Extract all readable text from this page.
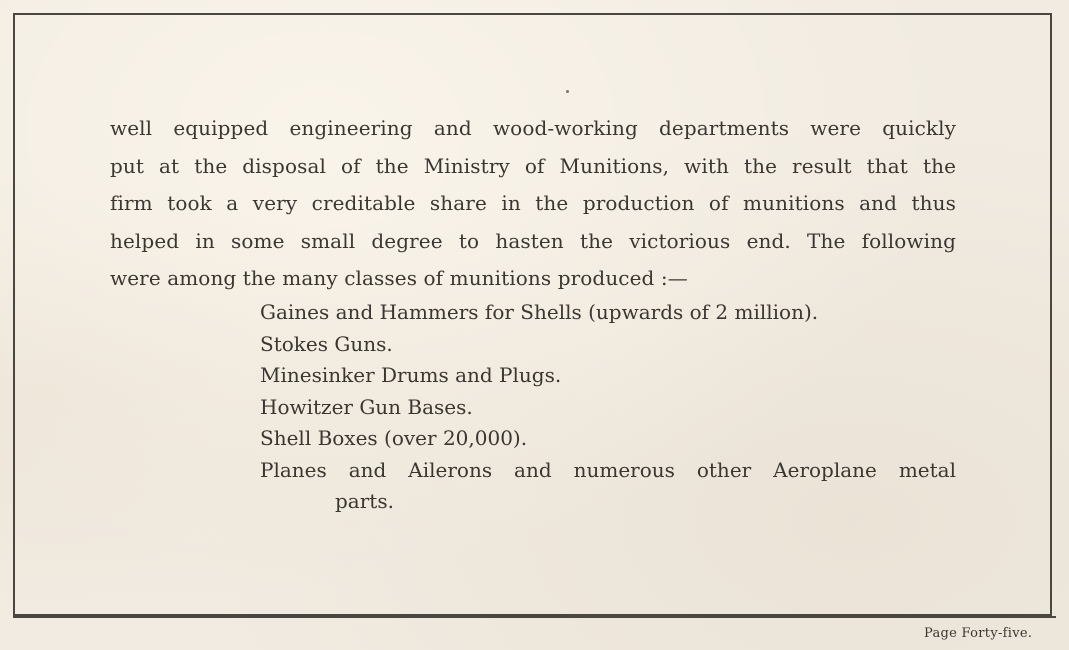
well equipped engineering and wood-working departments were quickly
put at the disposal of the Ministry of Munitions, with the result that the
firm took a very creditable share in the production of munitions and thus
helped in some small degree to hasten the victorious end. The following
were among the many classes of munitions produced :—
Gaines and Hammers for Shells (upwards of 2 million).
Stokes Guns.
Minesinker Drums and Plugs.
Howitzer Gun Bases.
Shell Boxes (over 20,000).
Planes and Ailerons and numerous other Aeroplane metal
parts.
Page Forty-five.
